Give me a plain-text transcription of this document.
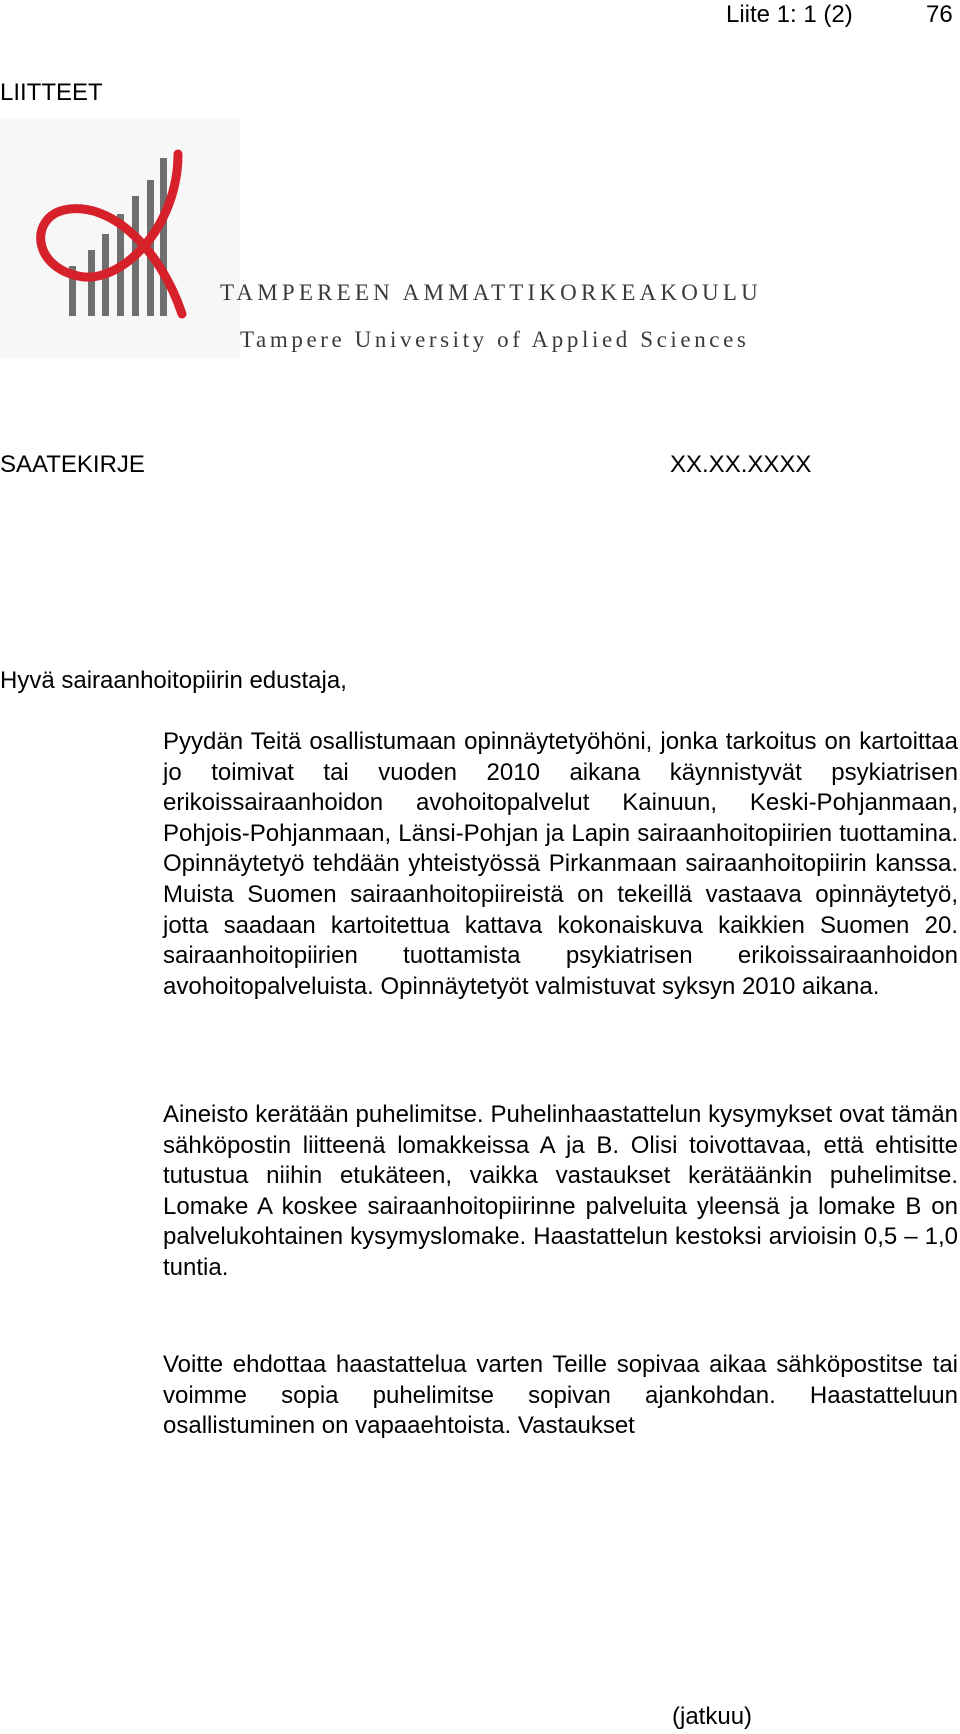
Liite 1: 1 (2)	76
LIITTEET
TAMPEREEN AMMATTIKORKEAKOULU
Tampere University of Applied Sciences
SAATEKIRJE	XX.XX.XXXX
Hyvä sairaanhoitopiirin edustaja,
Pyydän Teitä osallistumaan opinnäytetyöhöni, jonka tarkoitus on kartoittaa jo toimivat tai vuoden 2010 aikana käynnistyvät psykiatrisen erikoissairaanhoidon avohoitopalvelut Kainuun, Keski-Pohjanmaan, Pohjois-Pohjanmaan, Länsi-Pohjan ja Lapin sairaanhoitopiirien tuottamina. Opinnäytetyö tehdään yhteistyössä Pirkanmaan sairaanhoitopiirin kanssa. Muista Suomen sairaanhoitopiireistä on tekeillä vastaava opinnäytetyö, jotta saadaan kartoitettua kattava kokonaiskuva kaikkien Suomen 20. sairaanhoitopiirien tuottamista psykiatrisen erikoissairaanhoidon avohoitopalveluista. Opinnäytetyöt valmistuvat syksyn 2010 aikana.
Aineisto kerätään puhelimitse. Puhelinhaastattelun kysymykset ovat tämän sähköpostin liitteenä lomakkeissa A ja B. Olisi toivottavaa, että ehtisitte tutustua niihin etukäteen, vaikka vastaukset kerätäänkin puhelimitse. Lomake A koskee sairaanhoitopiirinne palveluita yleensä ja lomake B on palvelukohtainen kysymyslomake. Haastattelun kestoksi arvioisin 0,5 – 1,0 tuntia.
Voitte ehdottaa haastattelua varten Teille sopivaa aikaa sähköpostitse tai voimme sopia puhelimitse sopivan ajankohdan. Haastatteluun osallistuminen on vapaaehtoista. Vastaukset
(jatkuu)
